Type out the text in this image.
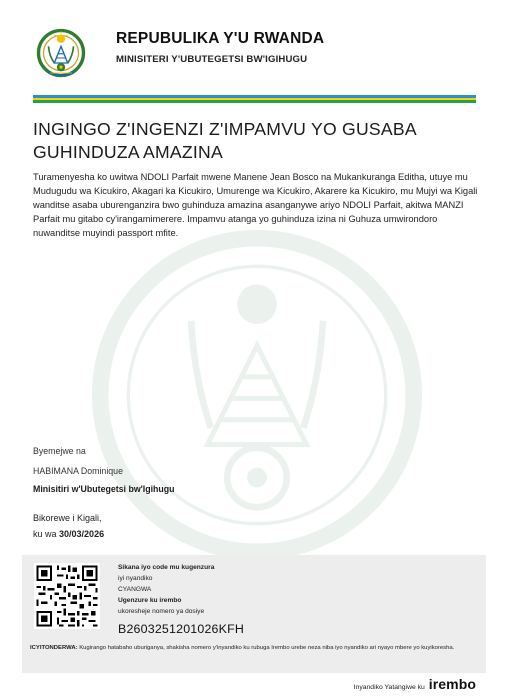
REPUBULIKA Y'U RWANDA
MINISITERI Y'UBUTEGETSI BW'IGIHUGU
INGINGO Z'INGENZI Z'IMPAMVU YO GUSABA GUHINDUZA AMAZINA
Turamenyesha ko uwitwa NDOLI Parfait mwene Manene Jean Bosco na Mukankuranga Editha, utuye mu Mudugudu wa Kicukiro, Akagari ka Kicukiro, Umurenge wa Kicukiro, Akarere ka Kicukiro, mu Mujyi wa Kigali wanditse asaba uburenganzira bwo guhinduza amazina asanganywe ariyo NDOLI Parfait, akitwa MANZI Parfait mu gitabo cy'irangamimerere. Impamvu atanga yo guhinduza izina ni Guhuza umwirondoro nuwanditse muyindi passport mfite.
Byemejwe na
HABIMANA Dominique
Minisitiri w'Ubutegetsi bw'Igihugu
Bikorewe i Kigali,
ku wa 30/03/2026
Sikana iyo code mu kugenzura
iyi nyandiko
CYANGWA
Ugenzure ku irembo
ukoresheje nomero ya dosiye
B2603251201026KFH
ICYITONDERWA: Kugirango hatabaho uburiganya, shakisha nomero y'inyandiko ku rubuga Irembo urebe neza niba iyo nyandiko ari nyayo mbere yo kuyikoresha.
Inyandiko Yatangiwe ku irembo
